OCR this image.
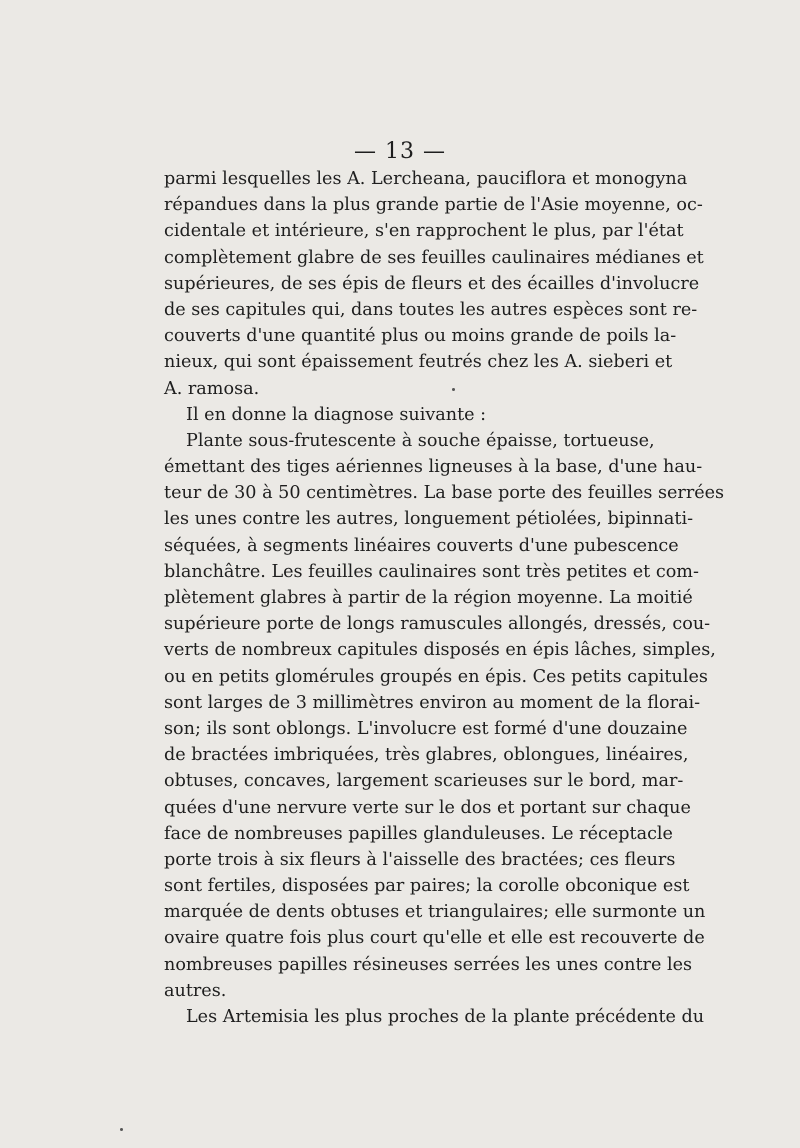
— 13 —
parmi lesquelles les A. Lercheana, pauciflora et monogyna
répandues dans la plus grande partie de l'Asie moyenne, oc-
cidentale et intérieure, s'en rapprochent le plus, par l'état
complètement glabre de ses feuilles caulinaires médianes et
supérieures, de ses épis de fleurs et des écailles d'involucre
de ses capitules qui, dans toutes les autres espèces sont re-
couverts d'une quantité plus ou moins grande de poils la-
nieux, qui sont épaissement feutrés chez les A. sieberi et
A. ramosa.
Il en donne la diagnose suivante :
Plante sous-frutescente à souche épaisse, tortueuse,
émettant des tiges aériennes ligneuses à la base, d'une hau-
teur de 30 à 50 centimètres. La base porte des feuilles serrées
les unes contre les autres, longuement pétiolées, bipinnati-
séquées, à segments linéaires couverts d'une pubescence
blanchâtre. Les feuilles caulinaires sont très petites et com-
plètement glabres à partir de la région moyenne. La moitié
supérieure porte de longs ramuscules allongés, dressés, cou-
verts de nombreux capitules disposés en épis lâches, simples,
ou en petits glomérules groupés en épis. Ces petits capitules
sont larges de 3 millimètres environ au moment de la florai-
son; ils sont oblongs. L'involucre est formé d'une douzaine
de bractées imbriquées, très glabres, oblongues, linéaires,
obtuses, concaves, largement scarieuses sur le bord, mar-
quées d'une nervure verte sur le dos et portant sur chaque
face de nombreuses papilles glanduleuses. Le réceptacle
porte trois à six fleurs à l'aisselle des bractées; ces fleurs
sont fertiles, disposées par paires; la corolle obconique est
marquée de dents obtuses et triangulaires; elle surmonte un
ovaire quatre fois plus court qu'elle et elle est recouverte de
nombreuses papilles résineuses serrées les unes contre les
autres.
Les Artemisia les plus proches de la plante précédente du
